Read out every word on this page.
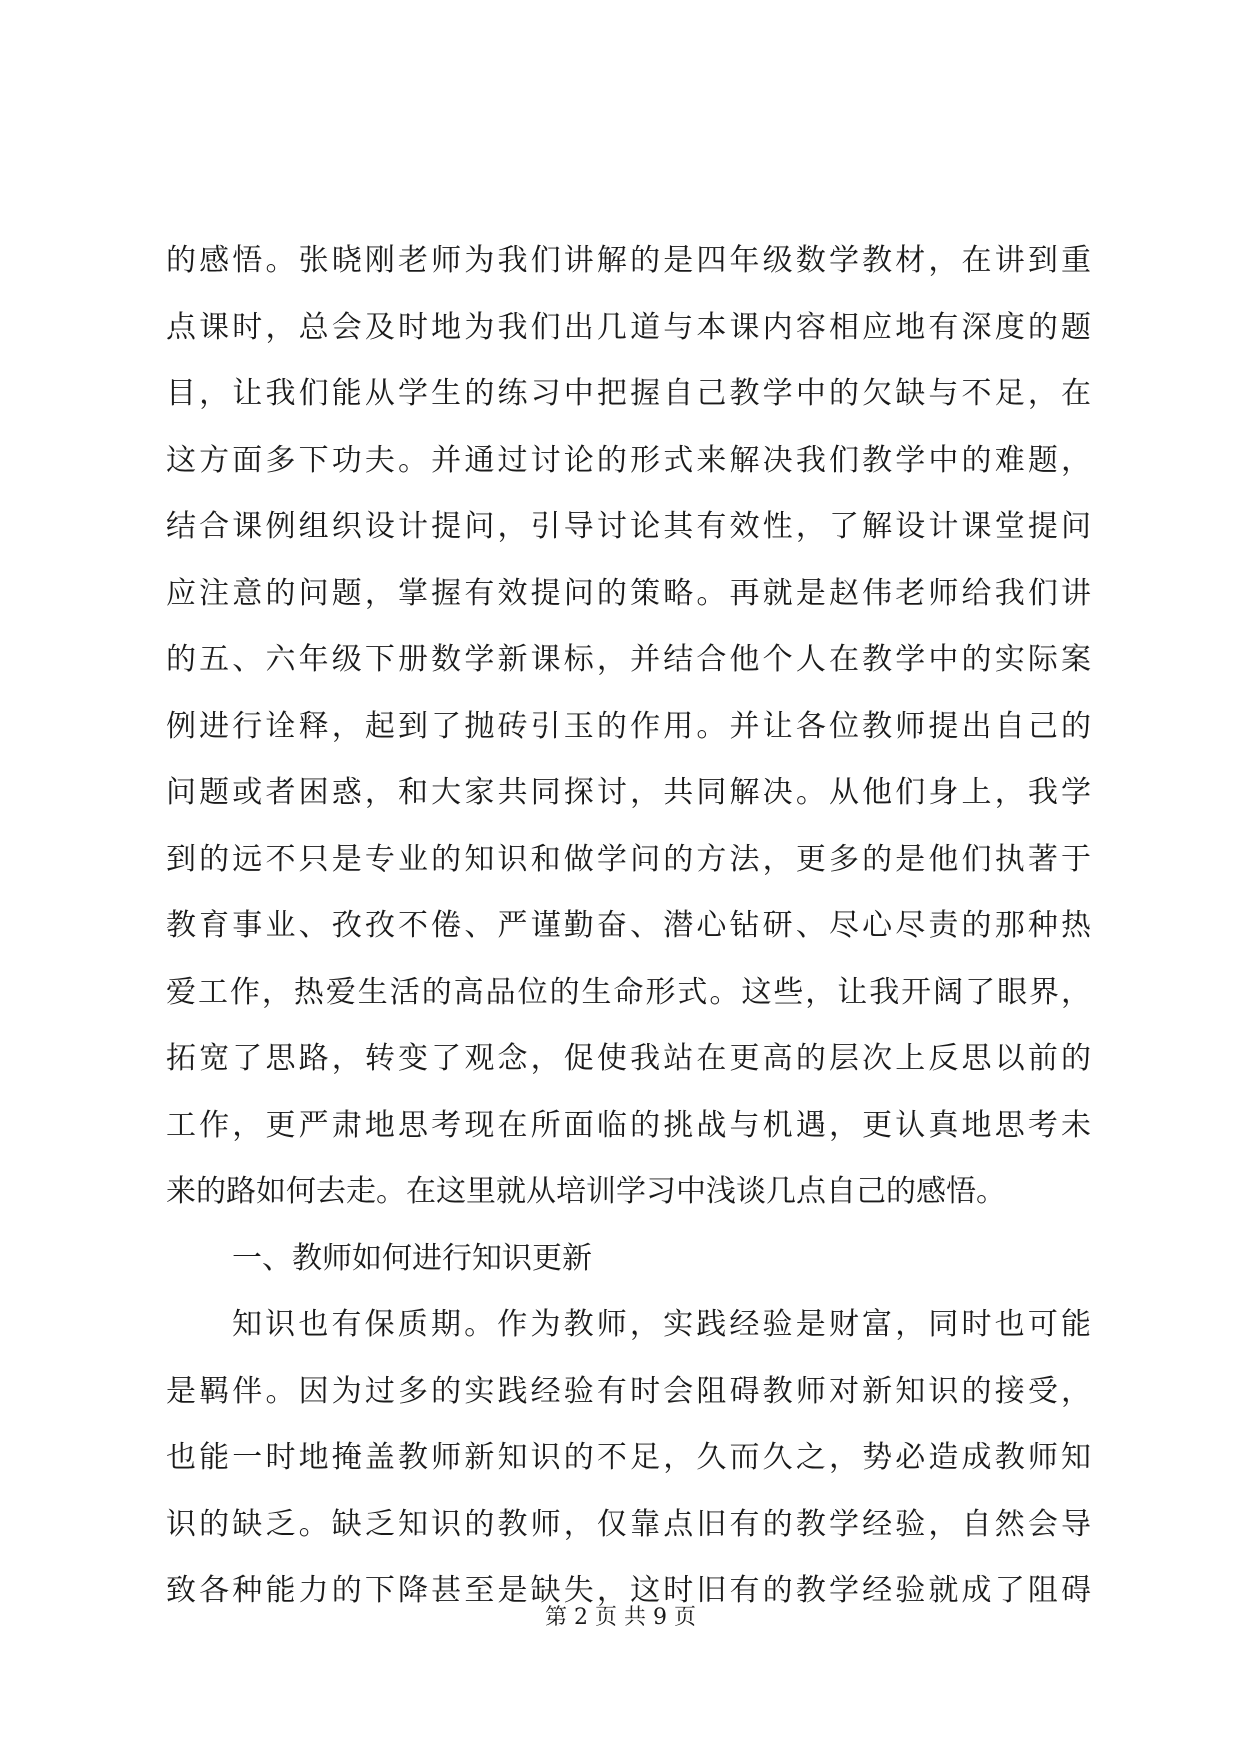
的感悟。张晓刚老师为我们讲解的是四年级数学教材，在讲到重
点课时，总会及时地为我们出几道与本课内容相应地有深度的题
目，让我们能从学生的练习中把握自己教学中的欠缺与不足，在
这方面多下功夫。并通过讨论的形式来解决我们教学中的难题，
结合课例组织设计提问，引导讨论其有效性，了解设计课堂提问
应注意的问题，掌握有效提问的策略。再就是赵伟老师给我们讲
的五、六年级下册数学新课标，并结合他个人在教学中的实际案
例进行诠释，起到了抛砖引玉的作用。并让各位教师提出自己的
问题或者困惑，和大家共同探讨，共同解决。从他们身上，我学
到的远不只是专业的知识和做学问的方法，更多的是他们执著于
教育事业、孜孜不倦、严谨勤奋、潜心钻研、尽心尽责的那种热
爱工作，热爱生活的高品位的生命形式。这些，让我开阔了眼界，
拓宽了思路，转变了观念，促使我站在更高的层次上反思以前的
工作，更严肃地思考现在所面临的挑战与机遇，更认真地思考未
来的路如何去走。在这里就从培训学习中浅谈几点自己的感悟。
一、教师如何进行知识更新
知识也有保质期。作为教师，实践经验是财富，同时也可能
是羁伴。因为过多的实践经验有时会阻碍教师对新知识的接受，
也能一时地掩盖教师新知识的不足，久而久之，势必造成教师知
识的缺乏。缺乏知识的教师，仅靠点旧有的教学经验，自然会导
致各种能力的下降甚至是缺失，这时旧有的教学经验就成了阻碍
第 2 页 共 9 页
